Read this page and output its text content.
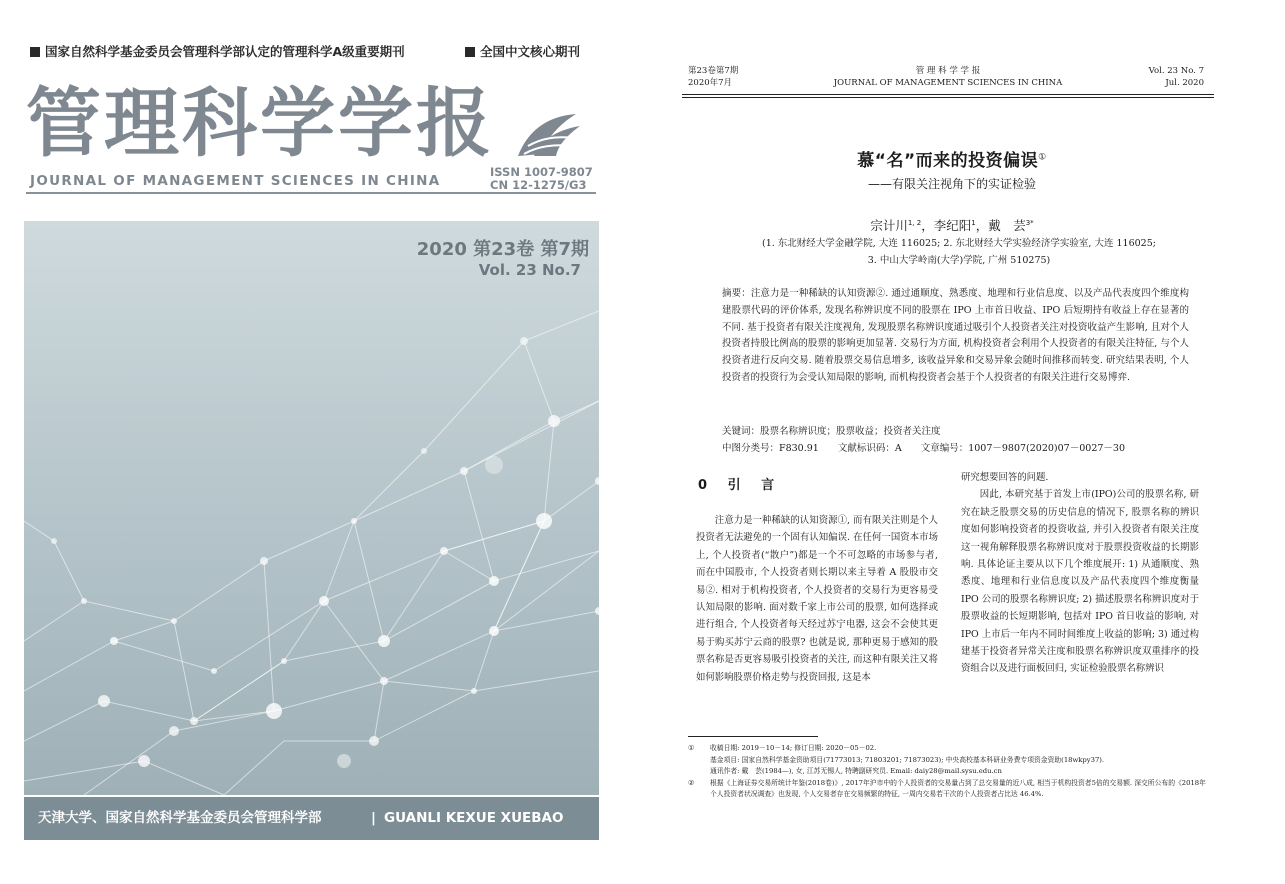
国家自然科学基金委员会管理科学部认定的管理科学A级重要期刊	全国中文核心期刊
管理科学学报
JOURNAL OF MANAGEMENT SCIENCES IN CHINA
ISSN 1007-9807
CN 12-1275/G3
2020 第23卷 第7期
Vol. 23 No.7
天津大学、国家自然科学基金委员会管理科学部	| GUANLI KEXUE XUEBAO
第23卷第7期
2020年7月
管 理 科 学 学 报
JOURNAL OF MANAGEMENT SCIENCES IN CHINA
Vol. 23 No. 7
Jul. 2020
慕“名”而来的投资偏误①
——有限关注视角下的实证检验
宗计川$^{1, 2}$，李纪阳$^1$，戴　芸$^{3*}$
(1. 东北财经大学金融学院, 大连 116025; 2. 东北财经大学实验经济学实验室, 大连 116025;
3. 中山大学岭南(大学)学院, 广州 510275)
摘要：注意力是一种稀缺的认知资源②. 通过通顺度、熟悉度、地理和行业信息度、以及产品代表度四个维度构建股票代码的评价体系, 发现名称辨识度不同的股票在 IPO 上市首日收益、IPO 后短期持有收益上存在显著的不同. 基于投资者有限关注度视角, 发现股票名称辨识度通过吸引个人投资者关注对投资收益产生影响, 且对个人投资者持股比例高的股票的影响更加显著. 交易行为方面, 机构投资者会利用个人投资者的有限关注特征, 与个人投资者进行反向交易. 随着股票交易信息增多, 该收益异象和交易异象会随时间推移而转变. 研究结果表明, 个人投资者的投资行为会受认知局限的影响, 而机构投资者会基于个人投资者的有限关注进行交易博弈.
关键词：股票名称辨识度；股票收益；投资者关注度
中图分类号：F830.91　　文献标识码：A　　文章编号：1007－9807(2020)07－0027－30
0 引 言
注意力是一种稀缺的认知资源①, 而有限关注则是个人投资者无法避免的一个固有认知偏误. 在任何一国资本市场上, 个人投资者(“散户”)都是一个不可忽略的市场参与者, 而在中国股市, 个人投资者则长期以来主导着 A 股股市交易②. 相对于机构投资者, 个人投资者的交易行为更容易受认知局限的影响. 面对数千家上市公司的股票, 如何选择或进行组合, 个人投资者每天经过苏宁电器, 这会不会使其更易于购买苏宁云商的股票? 也就是说, 那种更易于感知的股票名称是否更容易吸引投资者的关注, 而这种有限关注又将如何影响股票价格走势与投资回报, 这是本

研究想要回答的问题.

因此, 本研究基于首发上市(IPO)公司的股票名称, 研究在缺乏股票交易的历史信息的情况下, 股票名称的辨识度如何影响投资者的投资收益, 并引入投资者有限关注度这一视角解释股票名称辨识度对于股票投资收益的长期影响. 具体论证主要从以下几个维度展开: 1) 从通顺度、熟悉度、地理和行业信息度以及产品代表度四个维度衡量 IPO 公司的股票名称辨识度; 2) 描述股票名称辨识度对于股票收益的长短期影响, 包括对 IPO 首日收益的影响, 对 IPO 上市后一年内不同时间维度上收益的影响; 3) 通过构建基于投资者异常关注度和股票名称辨识度双重排序的投资组合以及进行面板回归, 实证检验股票名称辨识

①	收稿日期: 2019－10－14; 修订日期: 2020－05－02.
基金项目: 国家自然科学基金资助项目(71773013; 71803201; 71873023); 中央高校基本科研业务费专项资金资助(18wkpy37).
通讯作者: 戴　芸(1984—), 女, 江苏无锡人, 特聘副研究员. Email: daiy28@mail.sysu.edu.cn
②	根据《上海证券交易所统计年鉴(2018卷)》, 2017年沪市中的个人投资者的交易量占到了总交易量的近八成, 相当于机构投资者5倍的交易额. 深交所公布的《2018年个人投资者状况调查》也发现, 个人交易者存在交易频繁的特征, 一周内交易若干次的个人投资者占比达 46.4%.
